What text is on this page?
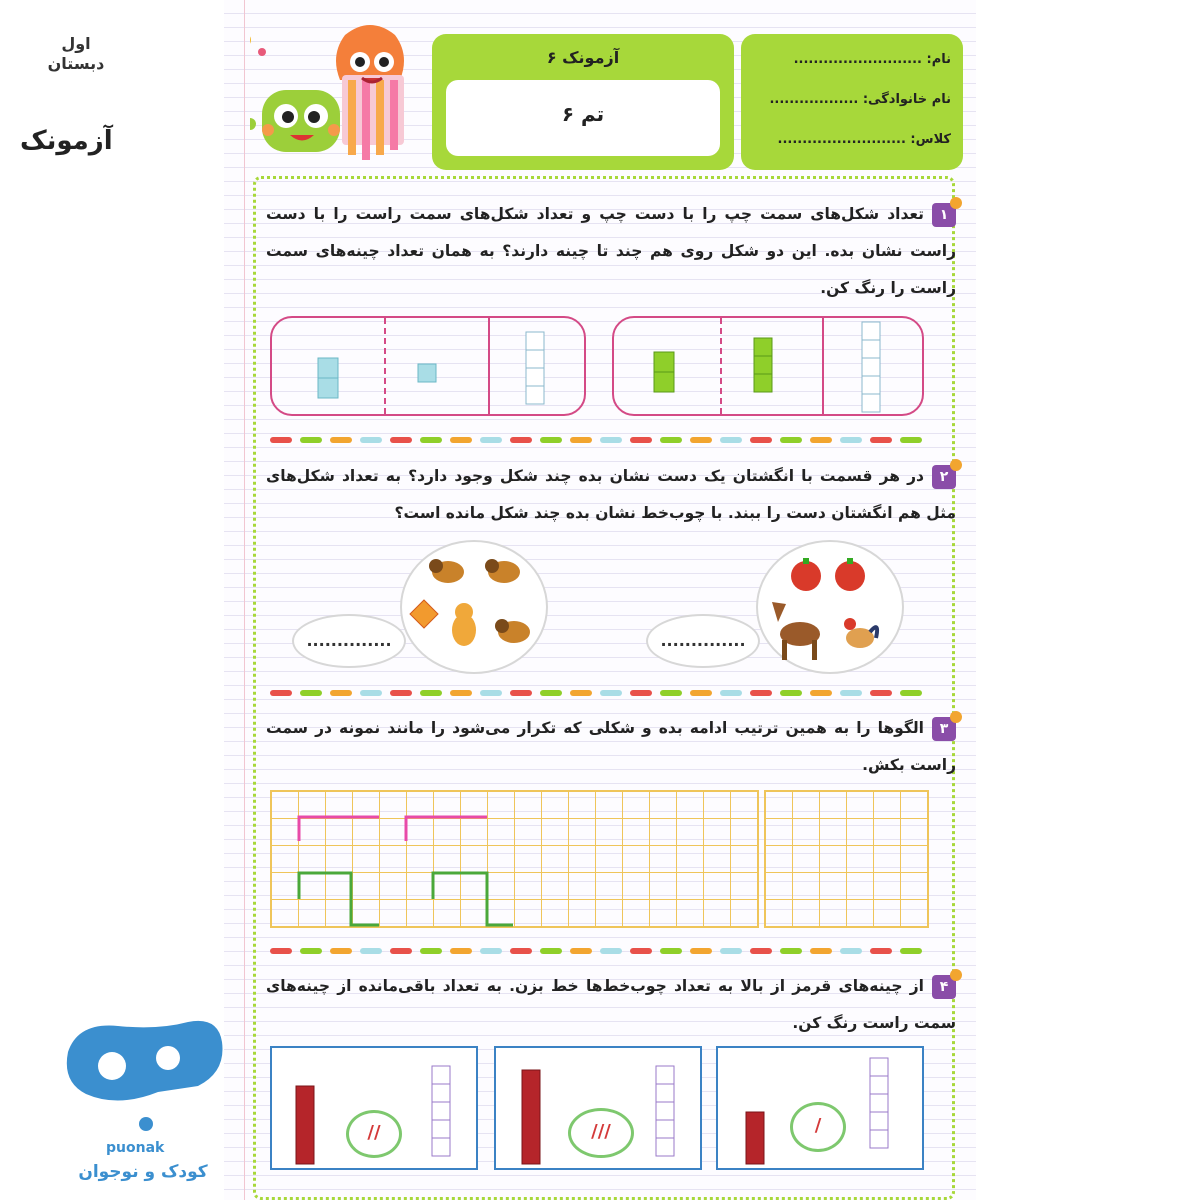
اول
دبستان
آزمونک
آزمونک ۶
تم ۶
نام: ..........................
نام خانوادگی: ..................
کلاس: ..........................
۱تعداد شکل‌های سمت چپ را با دست چپ و تعداد شکل‌های سمت راست را با دست راست نشان بده. این دو شکل روی هم چند تا چینه دارند؟ به همان تعداد چینه‌های سمت راست را رنگ کن.
۲در هر قسمت با انگشتان یک دست نشان بده چند شکل وجود دارد؟ به تعداد شکل‌های مثل هم انگشتان دست را ببند. با چوب‌خط نشان بده چند شکل مانده است؟
..............	..............
۳الگوها را به همین ترتیب ادامه بده و شکلی که تکرار می‌شود را مانند نمونه در سمت راست بکش.
۴از چینه‌های قرمز از بالا به تعداد چوب‌خط‌ها خط بزن. به تعداد باقی‌مانده از چینه‌های سمت راست رنگ کن.
//	///	/
puonak
کودک و نوجوان
